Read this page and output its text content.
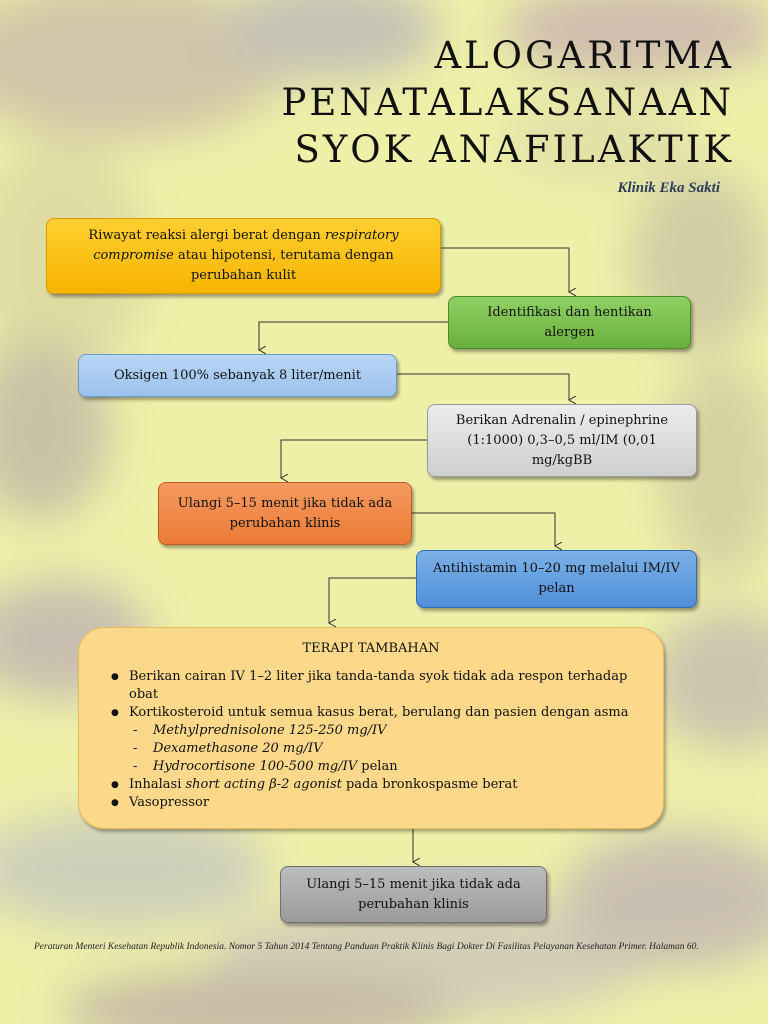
ALOGARITMA
PENATALAKSANAAN
SYOK ANAFILAKTIK
Klinik Eka Sakti
Riwayat reaksi alergi berat dengan respiratory compromise atau hipotensi, terutama dengan perubahan kulit
Identifikasi dan hentikan alergen
Oksigen 100% sebanyak 8 liter/menit
Berikan Adrenalin / epinephrine (1:1000) 0,3–0,5 ml/IM (0,01 mg/kgBB
Ulangi 5–15 menit jika tidak ada perubahan klinis
Antihistamin 10–20 mg melalui IM/IV pelan
TERAPI TAMBAHAN
● Berikan cairan IV 1–2 liter jika tanda-tanda syok tidak ada respon terhadap obat
● Kortikosteroid untuk semua kasus berat, berulang dan pasien dengan asma
- Methylprednisolone 125-250 mg/IV
- Dexamethasone 20 mg/IV
- Hydrocortisone 100-500 mg/IV pelan
● Inhalasi short acting β-2 agonist pada bronkospasme berat
● Vasopressor
Ulangi 5–15 menit jika tidak ada perubahan klinis
Peraturan Menteri Kesehatan Republik Indonesia. Nomor 5 Tahun 2014 Tentang Panduan Praktik Klinis Bagi Dokter Di Fasilitas Pelayanan Kesehatan Primer. Halaman 60.
